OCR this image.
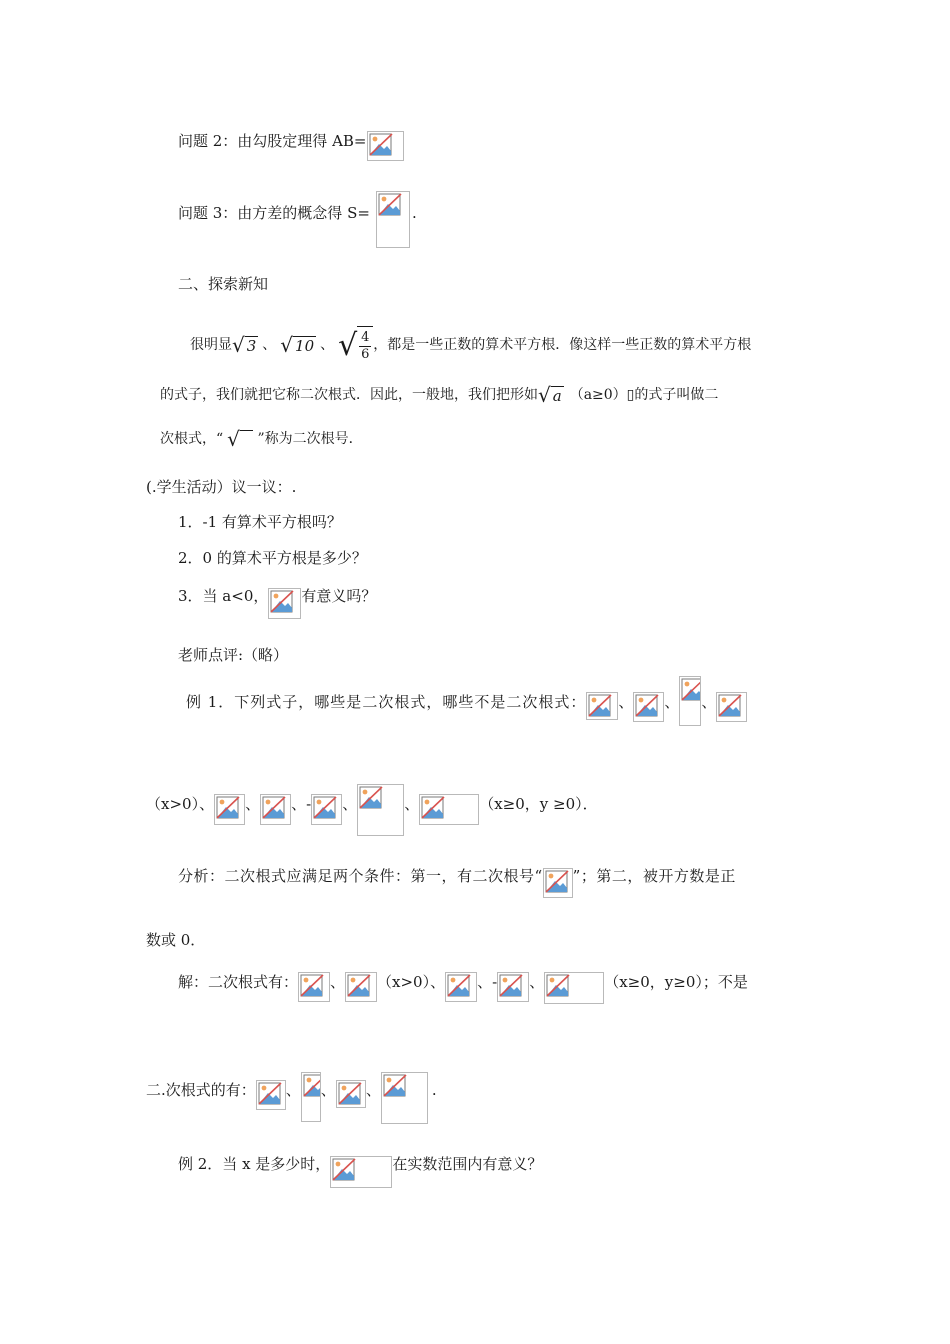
问题 2：由勾股定理得 AB=
问题 3：由方差的概念得 S=	.
二、探索新知
很明显 √ 3 、 √ 10 、 √ $\frac{4}{6}$ ，都是一些正数的算术平方根．像这样一些正数的算术平方根
的式子，我们就把它称二次根式．因此，一般地，我们把形如 √ a （a≥0）▯的式子叫做二
次根式，“ √
”称为二次根号．
(.学生活动）议一议：.
1．-1 有算术平方根吗？
2．0 的算术平方根是多少？
3．当 a<0， 有意义吗？
老师点评:（略）
例 1．下列式子，哪些是二次根式，哪些不是二次根式： 、 、 、
（x>0）、 、 、 - 、	、	（x≥0，y ≥0）．
分析：二次根式应满足两个条件：第一，有二次根号“ ”；第二，被开方数是正
数或 0．
解：二次根式有： 、 （x>0）、 、 - 、	（x≥0，y≥0）；不是
二.次根式的有： 、 、 、	.
例 2．当 x 是多少时，	在实数范围内有意义？
